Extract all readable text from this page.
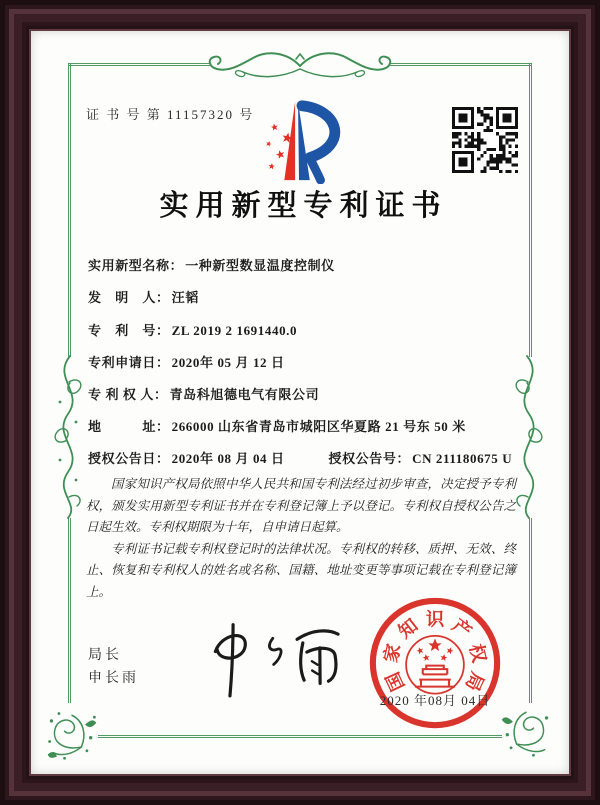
证 书 号 第 11157320 号
实用新型专利证书
实用新型名称： 一种新型数显温度控制仪
发　明　人： 汪韬
专　利　号： ZL 2019 2 1691440.0
专利申请日： 2020年 05 月 12 日
专 利 权 人： 青岛科旭德电气有限公司
地　　　址： 266000 山东省青岛市城阳区华夏路 21 号东 50 米
授权公告日： 2020年 08 月 04 日	授权公告号： CN 211180675 U

国家知识产权局依照中华人民共和国专利法经过初步审查，决定授予专利权，颁发实用新型专利证书并在专利登记簿上予以登记。专利权自授权公告之日起生效。专利权期限为十年，自申请日起算。

专利证书记载专利权登记时的法律状况。专利权的转移、质押、无效、终止、恢复和专利权人的姓名或名称、国籍、地址变更等事项记载在专利登记簿上。

局长
申长雨	国
家
知 识 产
权
局
2020 年08月 04日
